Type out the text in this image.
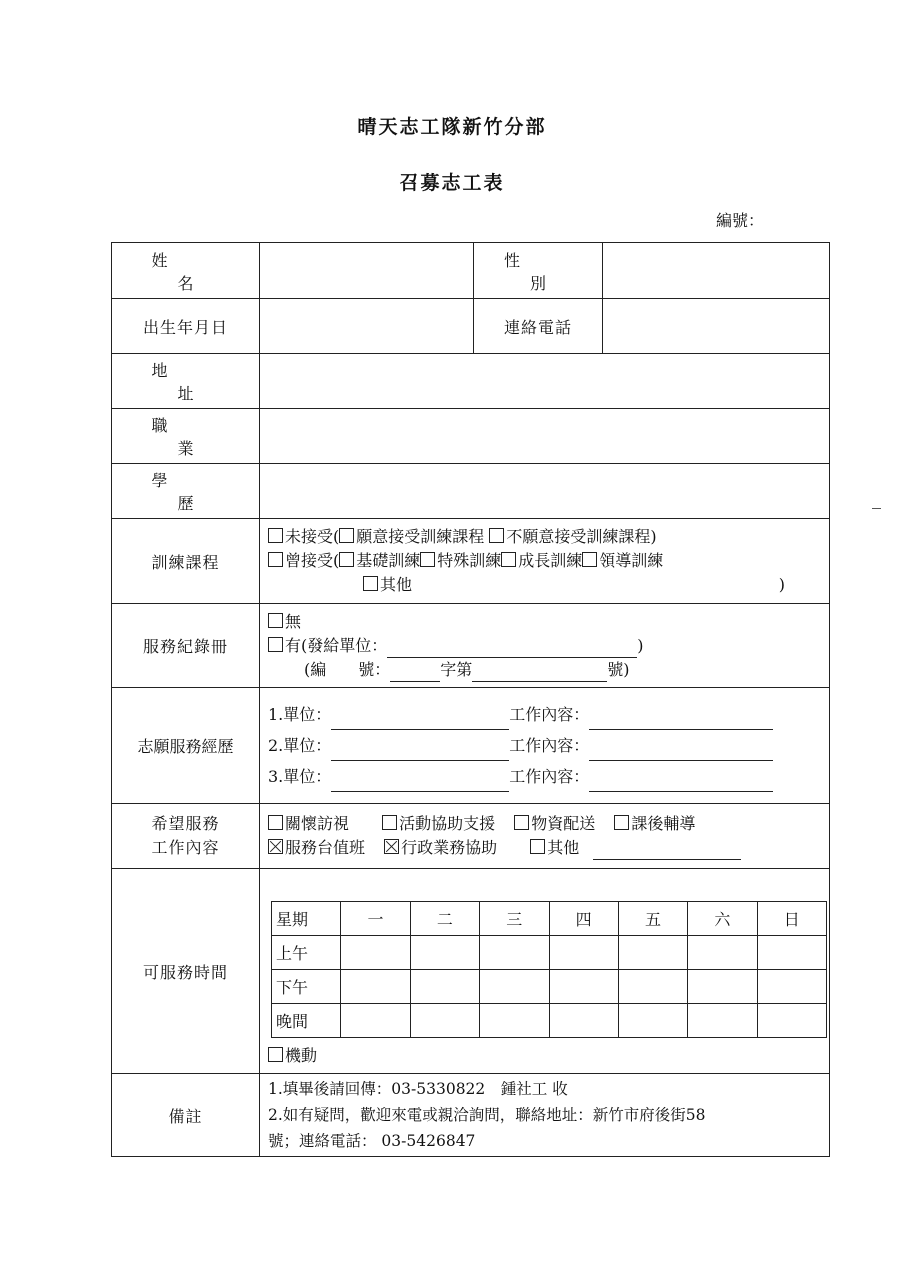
晴天志工隊新竹分部
召募志工表
編號：
姓名		性別	
出生年月日		連絡電話	
地址	
職業	
學歷	
訓練課程	
未接受( 願意接受訓練課程 不願意接受訓練課程)
曾接受( 基礎訓練 特殊訓練 成長訓練 領導訓練
其他	)

服務紀錄冊	
無
有(發給單位：	)
(編　　號：	字第	號)

志願服務經歷	
1.單位：	工作內容：
2.單位：	工作內容：
3.單位：	工作內容：

希望服務
工作內容

關懷訪視	活動協助支援 物資配送 課後輔導
服務台值班 行政業務協助	其他

可服務時間	
星期	一	二	三	四	五	六	日
上午							
下午							
晚間							
機動

備註	
1.填畢後請回傳：03-5330822　鍾社工 收
2.如有疑問，歡迎來電或親洽詢問，聯絡地址：新竹市府後街58
號；連絡電話： 03-5426847
